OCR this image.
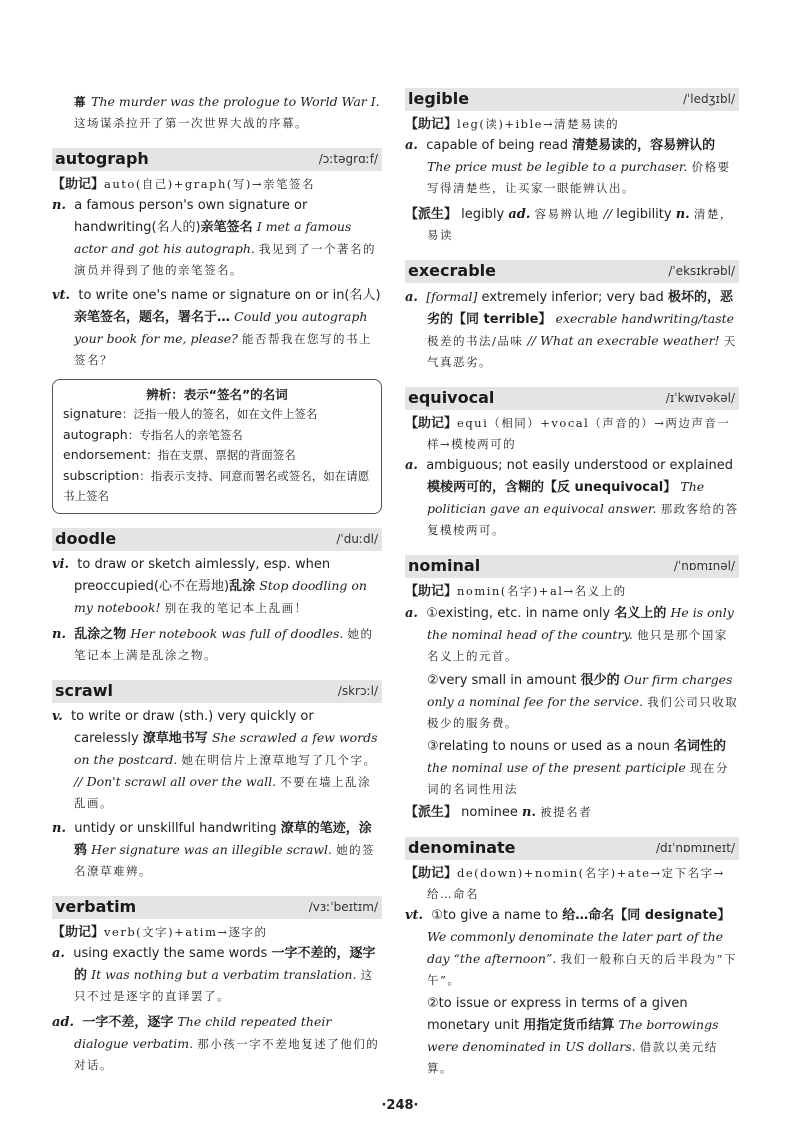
幕 The murder was the prologue to World War I. 这场谋杀拉开了第一次世界大战的序幕。
autograph	/ɔːtəgrɑːf/
【助记】auto(自己)+graph(写)→亲笔签名
n. a famous person's own signature or handwriting(名人的)亲笔签名 I met a famous actor and got his autograph. 我见到了一个著名的演员并得到了他的亲笔签名。
vt. to write one's name or signature on or in(名人)亲笔签名，题名，署名于… Could you autograph your book for me, please? 能否帮我在您写的书上签名？
辨析：表示“签名”的名词
signature：泛指一般人的签名，如在文件上签名
autograph：专指名人的亲笔签名
endorsement：指在支票、票据的背面签名
subscription：指表示支持、同意而署名或签名，如在请愿书上签名
doodle	/ˈduːdl/
vi. to draw or sketch aimlessly, esp. when preoccupied(心不在焉地)乱涂 Stop doodling on my notebook! 别在我的笔记本上乱画！
n. 乱涂之物 Her notebook was full of doodles. 她的笔记本上满是乱涂之物。
scrawl	/skrɔːl/
v. to write or draw (sth.) very quickly or carelessly 潦草地书写 She scrawled a few words on the postcard. 她在明信片上潦草地写了几个字。 // Don't scrawl all over the wall. 不要在墙上乱涂乱画。
n. untidy or unskillful handwriting 潦草的笔迹，涂鸦 Her signature was an illegible scrawl. 她的签名潦草难辨。
verbatim	/vɜːˈbeɪtɪm/
【助记】verb(文字)+atim→逐字的
a. using exactly the same words 一字不差的，逐字的 It was nothing but a verbatim translation. 这只不过是逐字的直译罢了。
ad. 一字不差，逐字 The child repeated their dialogue verbatim. 那小孩一字不差地复述了他们的对话。
legible	/ˈledʒɪbl/
【助记】leg(读)+ible→清楚易读的
a. capable of being read 清楚易读的，容易辨认的 The price must be legible to a purchaser. 价格要写得清楚些，让买家一眼能辨认出。
【派生】 legibly ad. 容易辨认地 // legibility n. 清楚，易读
execrable	/ˈeksɪkrəbl/
a. [formal] extremely inferior; very bad 极坏的，恶劣的【同 terrible】 execrable handwriting/taste 极差的书法/品味 // What an execrable weather! 天气真恶劣。
equivocal	/ɪˈkwɪvəkəl/
【助记】equi（相同）+vocal（声音的）→两边声音一样→模棱两可的
a. ambiguous; not easily understood or explained 模棱两可的，含糊的【反 unequivocal】 The politician gave an equivocal answer. 那政客给的答复模棱两可。
nominal	/ˈnɒmɪnəl/
【助记】nomin(名字)+al→名义上的
a. ①existing, etc. in name only 名义上的 He is only the nominal head of the country. 他只是那个国家名义上的元首。
②very small in amount 很少的 Our firm charges only a nominal fee for the service. 我们公司只收取极少的服务费。
③relating to nouns or used as a noun 名词性的 the nominal use of the present participle 现在分词的名词性用法
【派生】 nominee n. 被提名者
denominate	/dɪˈnɒmɪneɪt/
【助记】de(down)+nomin(名字)+ate→定下名字→给…命名
vt. ①to give a name to 给…命名【同 designate】 We commonly denominate the later part of the day “the afternoon”. 我们一般称白天的后半段为“下午”。
②to issue or express in terms of a given monetary unit 用指定货币结算 The borrowings were denominated in US dollars. 借款以美元结算。
·248·
